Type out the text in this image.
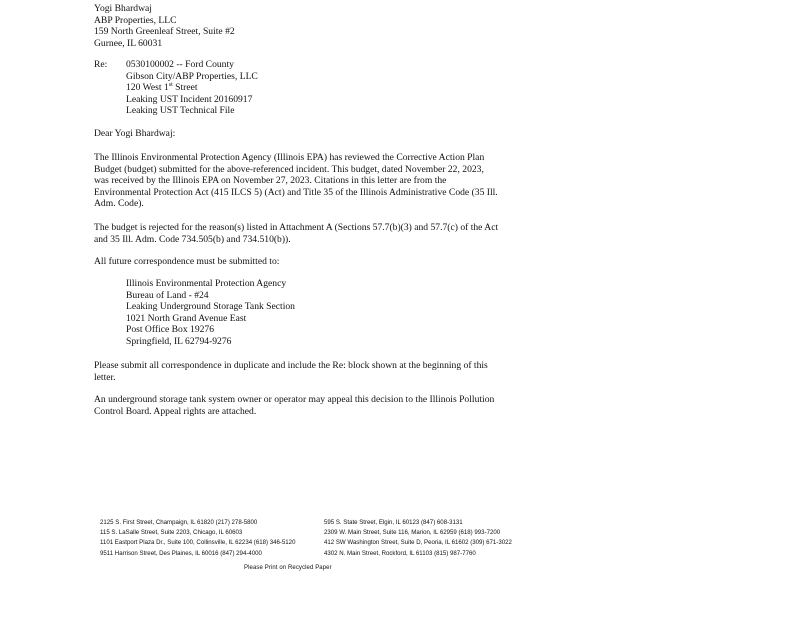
Yogi Bhardwaj
ABP Properties, LLC
159 North Greenleaf Street, Suite #2
Gurnee, IL 60031
Re: 0530100002 -- Ford County
Gibson City/ABP Properties, LLC
120 West 1st Street
Leaking UST Incident 20160917
Leaking UST Technical File
Dear Yogi Bhardwaj:
The Illinois Environmental Protection Agency (Illinois EPA) has reviewed the Corrective Action Plan
Budget (budget) submitted for the above-referenced incident. This budget, dated November 22, 2023,
was received by the Illinois EPA on November 27, 2023. Citations in this letter are from the
Environmental Protection Act (415 ILCS 5) (Act) and Title 35 of the Illinois Administrative Code (35 Ill.
Adm. Code).
The budget is rejected for the reason(s) listed in Attachment A (Sections 57.7(b)(3) and 57.7(c) of the Act
and 35 Ill. Adm. Code 734.505(b) and 734.510(b)).
All future correspondence must be submitted to:
Illinois Environmental Protection Agency
Bureau of Land - #24
Leaking Underground Storage Tank Section
1021 North Grand Avenue East
Post Office Box 19276
Springfield, IL 62794-9276
Please submit all correspondence in duplicate and include the Re: block shown at the beginning of this
letter.
An underground storage tank system owner or operator may appeal this decision to the Illinois Pollution
Control Board. Appeal rights are attached.
2125 S. First Street, Champaign, IL 61820 (217) 278-5800
115 S. LaSalle Street, Suite 2203, Chicago, IL 60603
1101 Eastport Plaza Dr., Suite 100, Collinsville, IL 62234 (618) 346-5120
9511 Harrison Street, Des Plaines, IL 60016 (847) 294-4000
595 S. State Street, Elgin, IL 60123 (847) 608-3131
2309 W. Main Street, Suite 116, Marion, IL 62959 (618) 993-7200
412 SW Washington Street, Suite D, Peoria, IL 61602 (309) 671-3022
4302 N. Main Street, Rockford, IL 61103 (815) 987-7760
Please Print on Recycled Paper
